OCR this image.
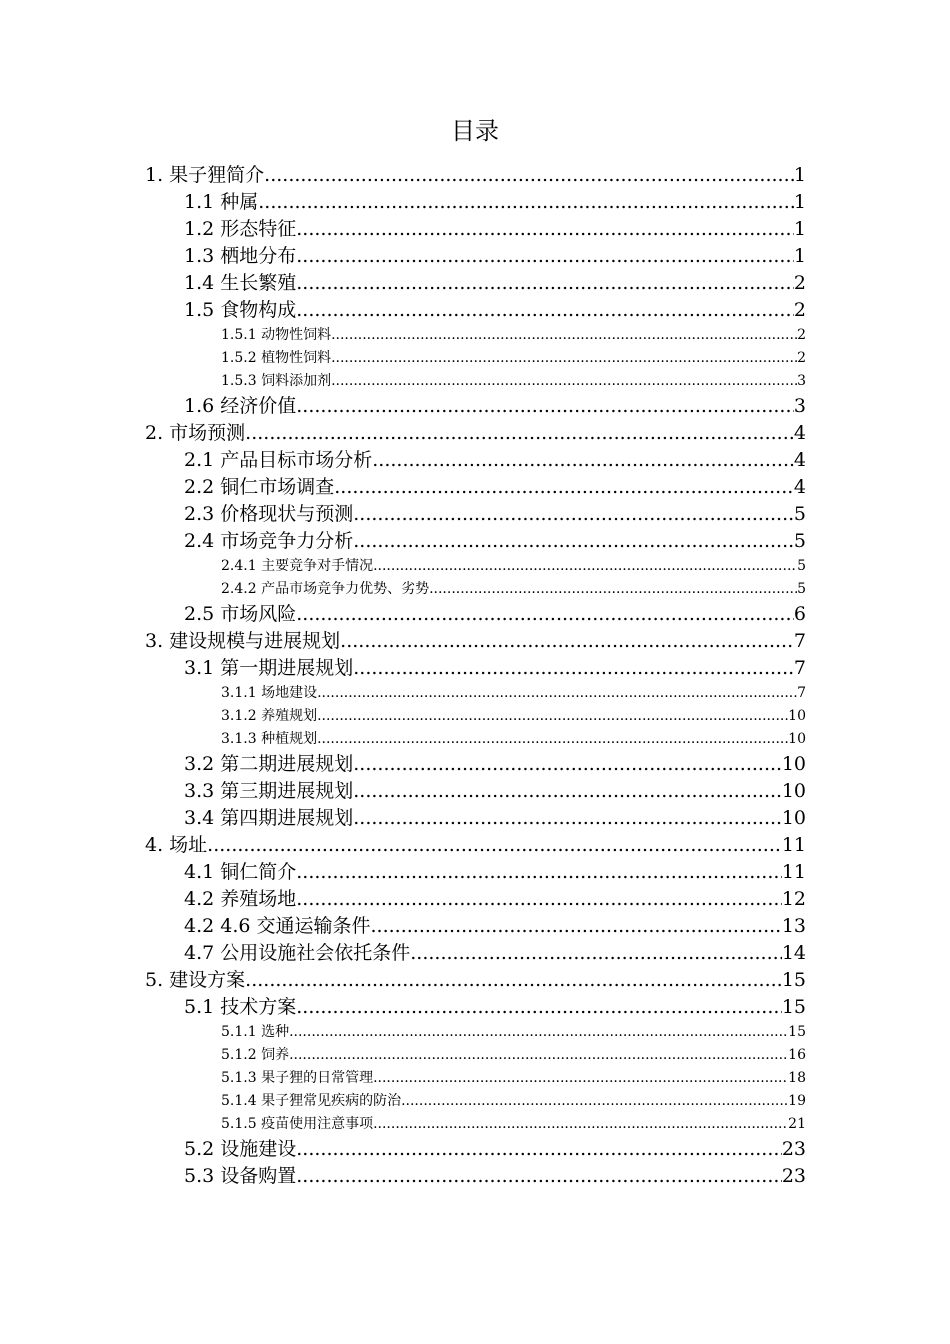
目录
1. 果子狸简介 .....	1
1.1 种属 .....	1
1.2 形态特征 .....	1
1.3 栖地分布 .....	1
1.4 生长繁殖 .....	2
1.5 食物构成 .....	2
1.5.1 动物性饲料 .....	2
1.5.2 植物性饲料 .....	2
1.5.3 饲料添加剂 .....	3
1.6 经济价值 .....	3
2. 市场预测 .....	4
2.1 产品目标市场分析 .....	4
2.2 铜仁市场调查 .....	4
2.3 价格现状与预测 .....	5
2.4 市场竞争力分析 .....	5
2.4.1 主要竞争对手情况 .....	5
2.4.2 产品市场竞争力优势、劣势 .....	5
2.5 市场风险 .....	6
3. 建设规模与进展规划 .....	7
3.1 第一期进展规划 .....	7
3.1.1 场地建设 .....	7
3.1.2 养殖规划 .....	10
3.1.3 种植规划 .....	10
3.2 第二期进展规划 .....	10
3.3 第三期进展规划 .....	10
3.4 第四期进展规划 .....	10
4. 场址 .....	11
4.1 铜仁简介 .....	11
4.2 养殖场地 .....	12
4.2 4.6 交通运输条件 .....	13
4.7 公用设施社会依托条件 .....	14
5. 建设方案 .....	15
5.1 技术方案 .....	15
5.1.1 选种 .....	15
5.1.2 饲养 .....	16
5.1.3 果子狸的日常管理 .....	18
5.1.4 果子狸常见疾病的防治 .....	19
5.1.5 疫苗使用注意事项 .....	21
5.2 设施建设 .....	23
5.3 设备购置 .....	23
